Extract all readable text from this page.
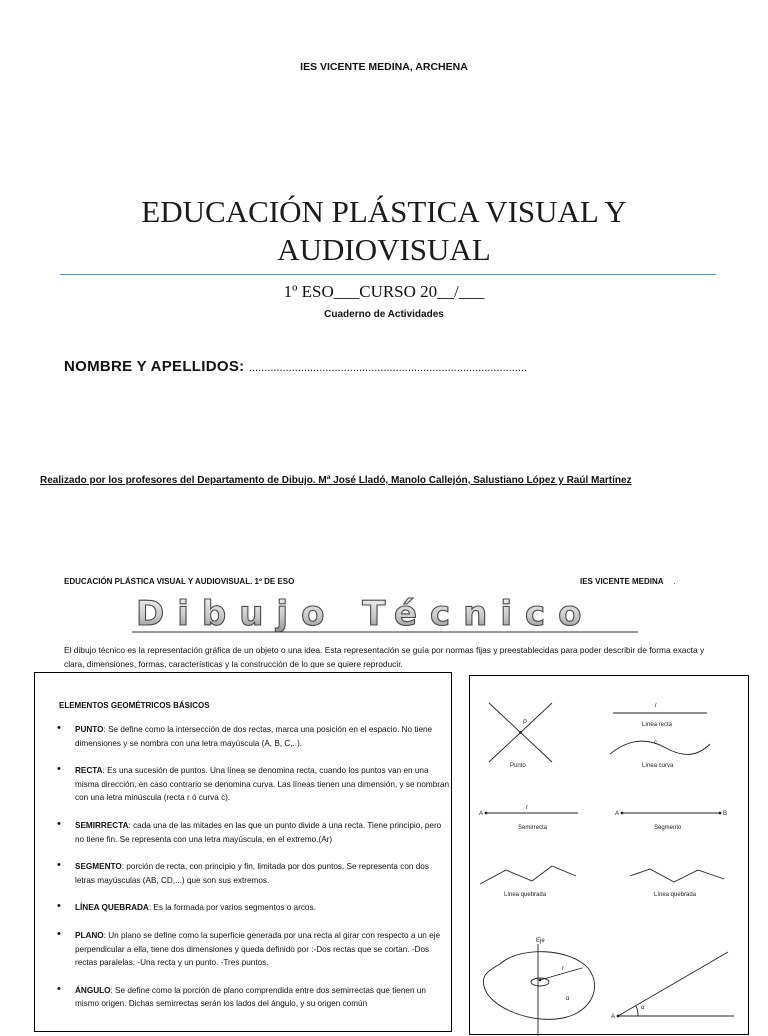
IES VICENTE MEDINA, ARCHENA
EDUCACIÓN PLÁSTICA VISUAL Y
AUDIOVISUAL
1º ESO___CURSO 20__/___
Cuaderno de Actividades
NOMBRE Y APELLIDOS: ...........................................................................................
Realizado por los profesores del Departamento de Dibujo. Mª José Lladó, Manolo Callejón, Salustiano López y Raúl Martínez
EDUCACIÓN PLÁSTICA VISUAL Y AUDIOVISUAL. 1º DE ESO	IES VICENTE MEDINA .
Dibujo Técnico
El dibujo técnico es la representación gráfica de un objeto o una idea. Esta representación se guía por normas fijas y preestablecidas para poder describir de forma exacta y clara, dimensiones, formas, características y la construcción de lo que se quiere reproducir.
ELEMENTOS GEOMÉTRICOS BÁSICOS
• PUNTO: Se define como la intersección de dos rectas, marca una posición en el espacio. No tiene dimensiones y se nombra con una letra mayúscula (A, B, C,..).
• RECTA: Es una sucesión de puntos. Una línea se denomina recta, cuando los puntos van en una misma dirección, en caso contrario se denomina curva. Las líneas tienen una dimensión, y se nombran con una letra minúscula (recta r ó curva c).
• SEMIRRECTA: cada una de las mitades en las que un punto divide a una recta. Tiene principio, pero no tiene fin. Se representa con una letra mayúscula, en el extremo.(Ar)
• SEGMENTO: porción de recta, con principio y fin, limitada por dos puntos. Se representa con dos letras mayúsculas (AB, CD,...) que son sus extremos.
• LÍNEA QUEBRADA: Es la formada por varios segmentos o arcos.
• PLANO: Un plano se define como la superficie generada por una recta al girar con respecto a un eje perpendicular a ella, tiene dos dimensiones y queda definido por :-Dos rectas que se cortan. -Dos rectas paralelas. -Una recta y un punto. -Tres puntos.
• ÁNGULO: Se define como la porción de plano comprendida entre dos semirrectas que tienen un mismo origen. Dichas semirrectas serán los lados del ángulo, y su origen común
P
Punto
r
Línea recta
c
Línea curva
A
r
Semirrecta
A	B
Segmento
Línea quebrada	Línea quebrada
Eje
r
α
A
α
